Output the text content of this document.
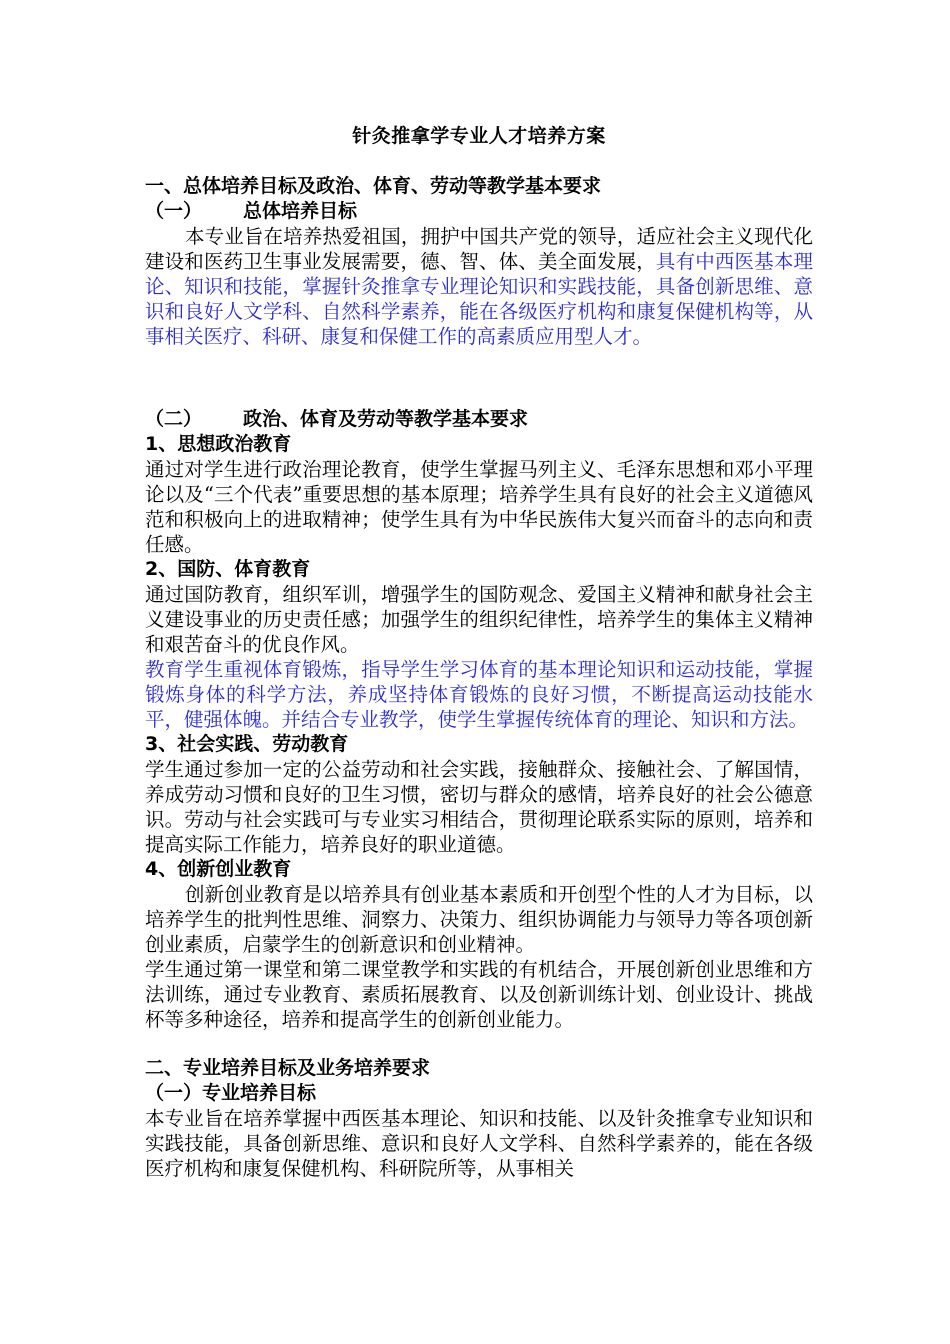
针灸推拿学专业人才培养方案
一、总体培养目标及政治、体育、劳动等教学基本要求
（一） 总体培养目标

本专业旨在培养热爱祖国，拥护中国共产党的领导，适应社会主义现代化建设和医药卫生事业发展需要，德、智、体、美全面发展，具有中西医基本理论、知识和技能，掌握针灸推拿专业理论知识和实践技能，具备创新思维、意识和良好人文学科、自然科学素养，能在各级医疗机构和康复保健机构等，从事相关医疗、科研、康复和保健工作的高素质应用型人才。

（二） 政治、体育及劳动等教学基本要求
1、思想政治教育

通过对学生进行政治理论教育，使学生掌握马列主义、毛泽东思想和邓小平理论以及“三个代表”重要思想的基本原理；培养学生具有良好的社会主义道德风范和积极向上的进取精神；使学生具有为中华民族伟大复兴而奋斗的志向和责任感。

2、国防、体育教育

通过国防教育，组织军训，增强学生的国防观念、爱国主义精神和献身社会主义建设事业的历史责任感；加强学生的组织纪律性，培养学生的集体主义精神和艰苦奋斗的优良作风。

教育学生重视体育锻炼，指导学生学习体育的基本理论知识和运动技能，掌握锻炼身体的科学方法，养成坚持体育锻炼的良好习惯，不断提高运动技能水平，健强体魄。并结合专业教学，使学生掌握传统体育的理论、知识和方法。

3、社会实践、劳动教育

学生通过参加一定的公益劳动和社会实践，接触群众、接触社会、了解国情，养成劳动习惯和良好的卫生习惯，密切与群众的感情，培养良好的社会公德意识。劳动与社会实践可与专业实习相结合，贯彻理论联系实际的原则，培养和提高实际工作能力，培养良好的职业道德。

4、创新创业教育

创新创业教育是以培养具有创业基本素质和开创型个性的人才为目标，以培养学生的批判性思维、洞察力、决策力、组织协调能力与领导力等各项创新创业素质，启蒙学生的创新意识和创业精神。

学生通过第一课堂和第二课堂教学和实践的有机结合，开展创新创业思维和方法训练，通过专业教育、素质拓展教育、以及创新训练计划、创业设计、挑战杯等多种途径，培养和提高学生的创新创业能力。

二、专业培养目标及业务培养要求
（一）专业培养目标

本专业旨在培养掌握中西医基本理论、知识和技能、以及针灸推拿专业知识和实践技能，具备创新思维、意识和良好人文学科、自然科学素养的，能在各级医疗机构和康复保健机构、科研院所等，从事相关
